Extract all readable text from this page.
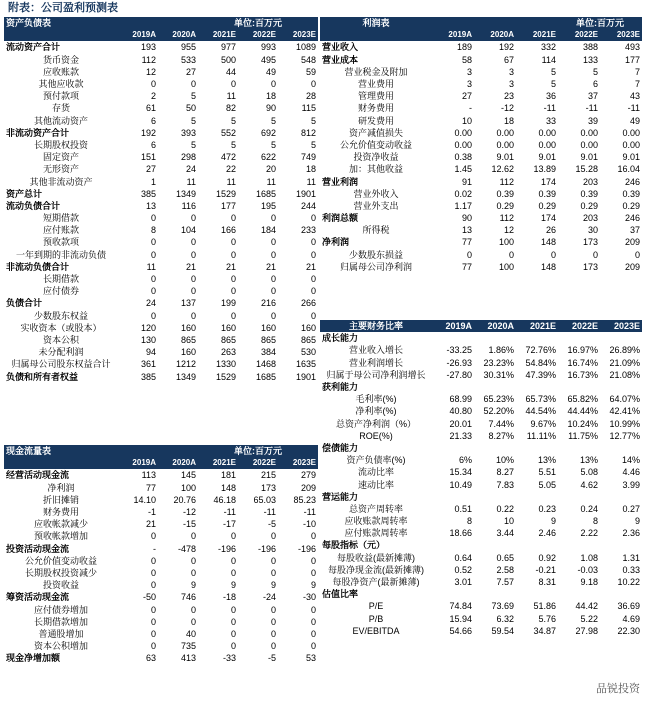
附表：公司盈利预测表
资产负债表			单位:百万元		
	2019A	2020A	2021E	2022E	2023E
流动资产合计	193	955	977	993	1089
货币资金	112	533	500	495	548
应收账款	12	27	44	49	59
其他应收款	0	0	0	0	0
预付款项	2	5	11	18	28
存货	61	50	82	90	115
其他流动资产	6	5	5	5	5
非流动资产合计	192	393	552	692	812
长期股权投资	6	5	5	5	5
固定资产	151	298	472	622	749
无形资产	27	24	22	20	18
其他非流动资产	1	11	11	11	11
资产总计	385	1349	1529	1685	1901
流动负债合计	13	116	177	195	244
短期借款	0	0	0	0	0
应付账款	8	104	166	184	233
预收款项	0	0	0	0	0
一年到期的非流动负债	0	0	0	0	0
非流动负债合计	11	21	21	21	21
长期借款	0	0	0	0	0
应付债券	0	0	0	0	0
负债合计	24	137	199	216	266
少数股东权益	0	0	0	0	0
实收资本（或股本）	120	160	160	160	160
资本公积	130	865	865	865	865
未分配利润	94	160	263	384	530
归属母公司股东权益合计	361	1212	1330	1468	1635
负债和所有者权益	385	1349	1529	1685	1901
利润表				单位:百万元	
	2019A	2020A	2021E	2022E	2023E
营业收入	189	192	332	388	493
营业成本	58	67	114	133	177
营业税金及附加	3	3	5	5	7
营业费用	3	3	5	6	7
管理费用	27	23	36	37	43
财务费用	-	-12	-11	-11	-11
研发费用	10	18	33	39	49
资产减值损失	0.00	0.00	0.00	0.00	0.00
公允价值变动收益	0.00	0.00	0.00	0.00	0.00
投资净收益	0.38	9.01	9.01	9.01	9.01
加：其他收益	1.45	12.62	13.89	15.28	16.04
营业利润	91	112	174	203	246
营业外收入	0.02	0.39	0.39	0.39	0.39
营业外支出	1.17	0.29	0.29	0.29	0.29
利润总额	90	112	174	203	246
所得税	13	12	26	30	37
净利润	77	100	148	173	209
少数股东损益	0	0	0	0	0
归属母公司净利润	77	100	148	173	209
主要财务比率	2019A	2020A	2021E	2022E	2023E
成长能力					
营业收入增长	-33.25	1.86%	72.76%	16.97%	26.89%
营业利润增长	-26.93	23.23%	54.84%	16.74%	21.09%
归属于母公司净利润增长	-27.80	30.31%	47.39%	16.73%	21.08%
获利能力					
毛利率(%)	68.99	65.23%	65.73%	65.82%	64.07%
净利率(%)	40.80	52.20%	44.54%	44.44%	42.41%
总资产净利润（%）	20.01	7.44%	9.67%	10.24%	10.99%
ROE(%)	21.33	8.27%	11.11%	11.75%	12.77%
偿债能力					
资产负债率(%)	6%	10%	13%	13%	14%
流动比率	15.34	8.27	5.51	5.08	4.46
速动比率	10.49	7.83	5.05	4.62	3.99
营运能力					
总资产周转率	0.51	0.22	0.23	0.24	0.27
应收账款周转率	8	10	9	8	9
应付账款周转率	18.66	3.44	2.46	2.22	2.36
每股指标（元）					
每股收益(最新摊薄)	0.64	0.65	0.92	1.08	1.31
每股净现金流(最新摊薄)	0.52	2.58	-0.21	-0.03	0.33
每股净资产(最新摊薄)	3.01	7.57	8.31	9.18	10.22
估值比率					
P/E	74.84	73.69	51.86	44.42	36.69
P/B	15.94	6.32	5.76	5.22	4.69
EV/EBITDA	54.66	59.54	34.87	27.98	22.30
现金流量表			单位:百万元		
	2019A	2020A	2021E	2022E	2023E
经营活动现金流	113	145	181	215	279
净利润	77	100	148	173	209
折旧摊销	14.10	20.76	46.18	65.03	85.23
财务费用	-1	-12	-11	-11	-11
应收帐款减少	21	-15	-17	-5	-10
预收帐款增加	0	0	0	0	0
投资活动现金流	-	-478	-196	-196	-196
公允价值变动收益	0	0	0	0	0
长期股权投资减少	0	0	0	0	0
投资收益	0	9	9	9	9
筹资活动现金流	-50	746	-18	-24	-30
应付债券增加	0	0	0	0	0
长期借款增加	0	0	0	0	0
普通股增加	0	40	0	0	0
资本公积增加	0	735	0	0	0
现金净增加额	63	413	-33	-5	53
品锐投资
